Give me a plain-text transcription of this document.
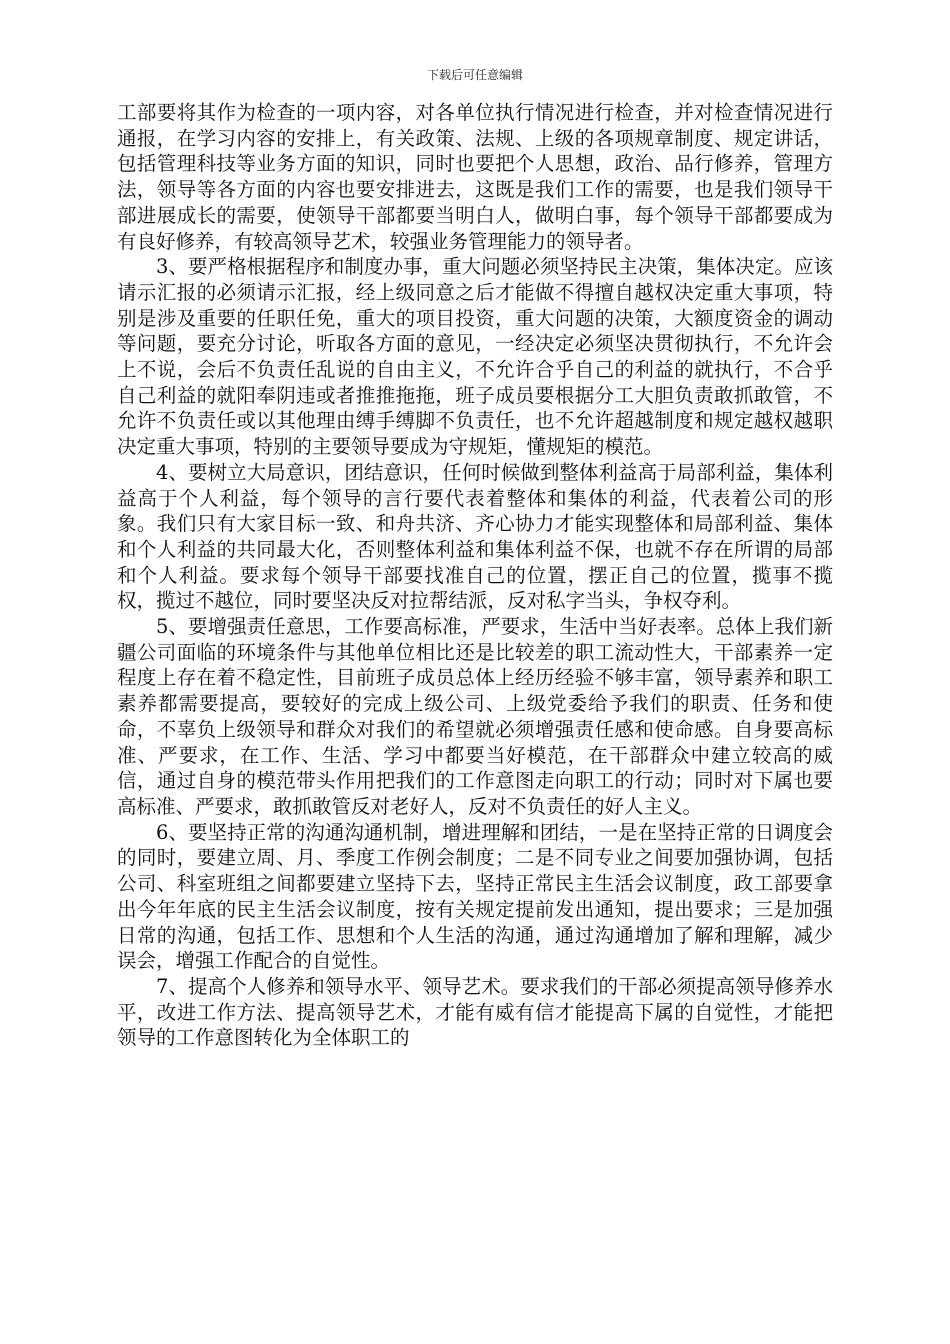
下载后可任意编辑

工部要将其作为检查的一项内容，对各单位执行情况进行检查，并对检查情况进行通报，在学习内容的安排上，有关政策、法规、上级的各项规章制度、规定讲话，包括管理科技等业务方面的知识，同时也要把个人思想，政治、品行修养，管理方法，领导等各方面的内容也要安排进去，这既是我们工作的需要，也是我们领导干部进展成长的需要，使领导干部都要当明白人，做明白事，每个领导干部都要成为有良好修养，有较高领导艺术，较强业务管理能力的领导者。

3、要严格根据程序和制度办事，重大问题必须坚持民主决策，集体决定。应该请示汇报的必须请示汇报，经上级同意之后才能做不得擅自越权决定重大事项，特别是涉及重要的任职任免，重大的项目投资，重大问题的决策，大额度资金的调动等问题，要充分讨论，听取各方面的意见，一经决定必须坚决贯彻执行，不允许会上不说，会后不负责任乱说的自由主义，不允许合乎自己的利益的就执行，不合乎自己利益的就阳奉阴违或者推推拖拖，班子成员要根据分工大胆负责敢抓敢管，不允许不负责任或以其他理由缚手缚脚不负责任，也不允许超越制度和规定越权越职决定重大事项，特别的主要领导要成为守规矩，懂规矩的模范。

4、要树立大局意识，团结意识，任何时候做到整体利益高于局部利益，集体利益高于个人利益，每个领导的言行要代表着整体和集体的利益，代表着公司的形象。我们只有大家目标一致、和舟共济、齐心协力才能实现整体和局部利益、集体和个人利益的共同最大化，否则整体利益和集体利益不保，也就不存在所谓的局部和个人利益。要求每个领导干部要找准自己的位置，摆正自己的位置，揽事不揽权，揽过不越位，同时要坚决反对拉帮结派，反对私字当头，争权夺利。

5、要增强责任意思，工作要高标准，严要求，生活中当好表率。总体上我们新疆公司面临的环境条件与其他单位相比还是比较差的职工流动性大，干部素养一定程度上存在着不稳定性，目前班子成员总体上经历经验不够丰富，领导素养和职工素养都需要提高，要较好的完成上级公司、上级党委给予我们的职责、任务和使命，不辜负上级领导和群众对我们的希望就必须增强责任感和使命感。自身要高标准、严要求，在工作、生活、学习中都要当好模范，在干部群众中建立较高的威信，通过自身的模范带头作用把我们的工作意图走向职工的行动；同时对下属也要高标准、严要求，敢抓敢管反对老好人，反对不负责任的好人主义。

6、要坚持正常的沟通沟通机制，增进理解和团结，一是在坚持正常的日调度会的同时，要建立周、月、季度工作例会制度；二是不同专业之间要加强协调，包括公司、科室班组之间都要建立坚持下去，坚持正常民主生活会议制度，政工部要拿出今年年底的民主生活会议制度，按有关规定提前发出通知，提出要求；三是加强日常的沟通，包括工作、思想和个人生活的沟通，通过沟通增加了解和理解，减少误会，增强工作配合的自觉性。

7、提高个人修养和领导水平、领导艺术。要求我们的干部必须提高领导修养水平，改进工作方法、提高领导艺术，才能有威有信才能提高下属的自觉性，才能把领导的工作意图转化为全体职工的
